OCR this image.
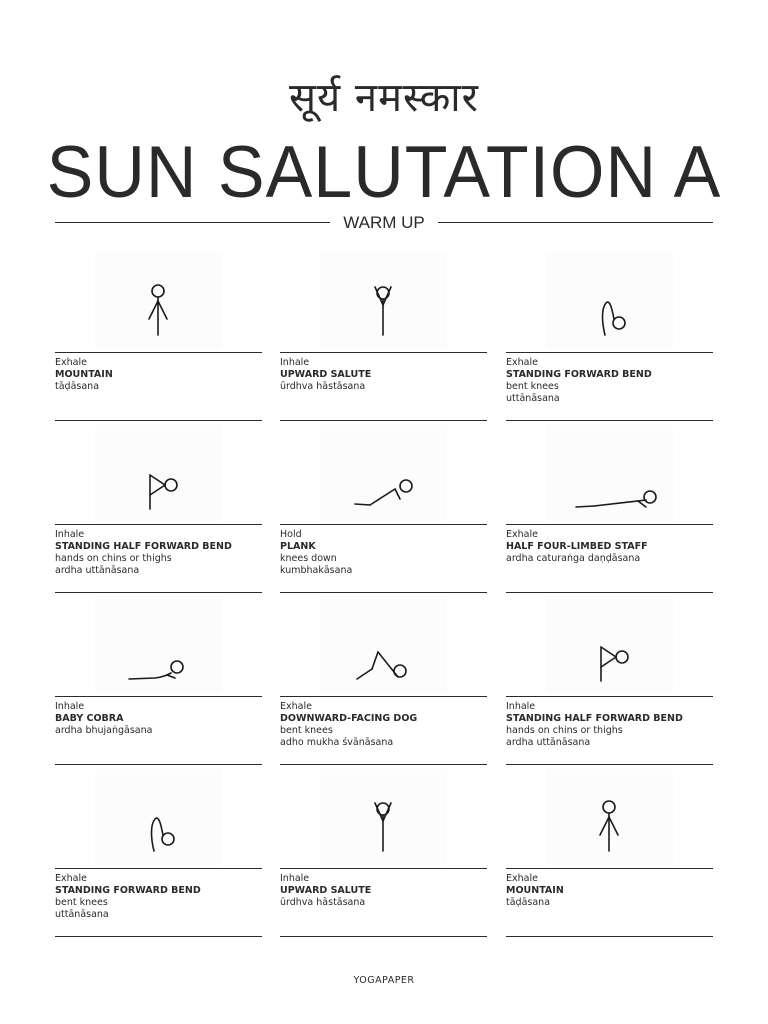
सूर्य नमस्कार
SUN SALUTATION A
WARM UP
Exhale
MOUNTAIN
tāḍāsana
Inhale
UPWARD SALUTE
ūrdhva hāstāsana
Exhale
STANDING FORWARD BEND
bent knees
uttānāsana
Inhale
STANDING HALF FORWARD BEND
hands on chins or thighs
ardha uttānāsana
Hold
PLANK
knees down
kumbhakāsana
Exhale
HALF FOUR-LIMBED STAFF
ardha caturaṅga daṇḍāsana
Inhale
BABY COBRA
ardha bhujaṅgāsana
Exhale
DOWNWARD-FACING DOG
bent knees
adho mukha śvānāsana
Inhale
STANDING HALF FORWARD BEND
hands on chins or thighs
ardha uttānāsana
Exhale
STANDING FORWARD BEND
bent knees
uttānāsana
Inhale
UPWARD SALUTE
ūrdhva hāstāsana
Exhale
MOUNTAIN
tāḍāsana
YOGAPAPER
